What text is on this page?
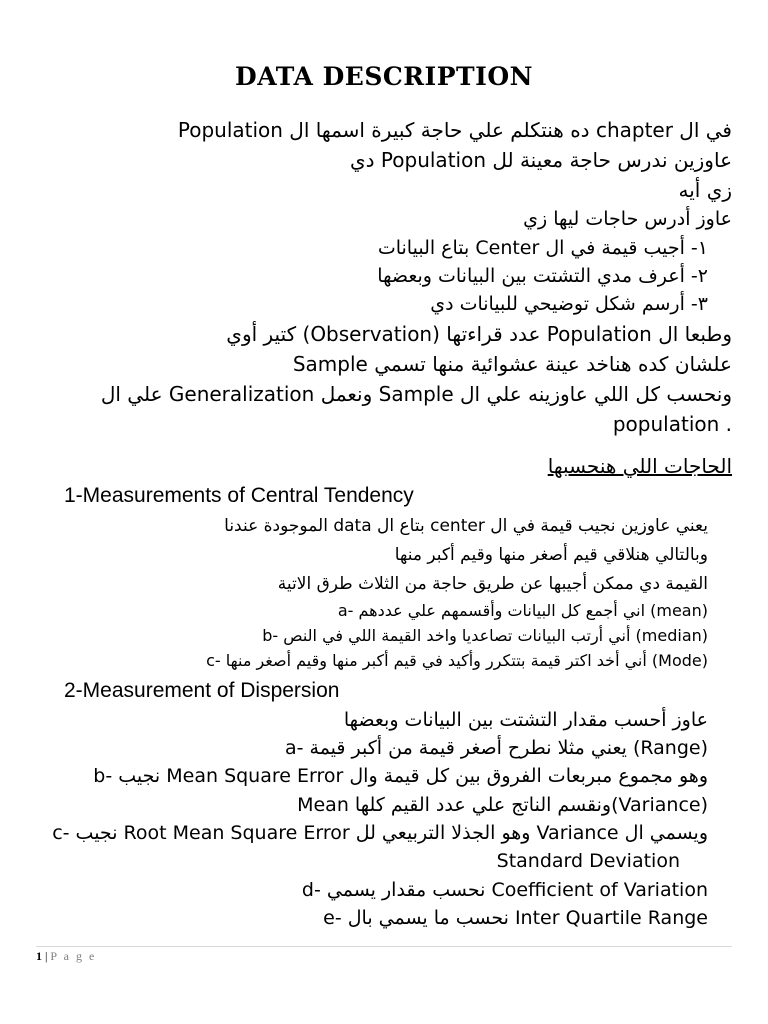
DATA DESCRIPTION
في ال chapter ده هنتكلم علي حاجة كبيرة اسمها ال Population
عاوزين ندرس حاجة معينة لل Population دي
زي أيه
عاوز أدرس حاجات ليها زي
١- أجيب قيمة في ال Center بتاع البيانات
٢- أعرف مدي التشتت بين البيانات وبعضها
٣- أرسم شكل توضيحي للبيانات دي
وطبعا ال Population عدد قراءتها (Observation) كتير أوي
علشان كده هناخد عينة عشوائية منها تسمي Sample
ونحسب كل اللي عاوزينه علي ال Sample ونعمل Generalization علي ال
population .
الحاجات اللي هنحسبها
1-Measurements of Central Tendency
يعني عاوزين نجيب قيمة في ال center بتاع ال data الموجودة عندنا
وبالتالي هنلاقي قيم أصغر منها وقيم أكبر منها
القيمة دي ممكن أجيبها عن طريق حاجة من الثلاث طرق الاتية
a- اني أجمع كل البيانات وأقسمهم علي عددهم (mean)
b- أني أرتب البيانات تصاعديا واخد القيمة اللي في النص (median)
c- أني أخد اكتر قيمة بتتكرر وأكيد في قيم أكبر منها وقيم أصغر منها (Mode)
2-Measurement of Dispersion
عاوز أحسب مقدار التشتت بين البيانات وبعضها
a- يعني مثلا نطرح أصغر قيمة من أكبر قيمة (Range)
b- نجيب Mean Square Error وهو مجموع مبربعات الفروق بين كل قيمة وال
Mean ونقسم الناتج علي عدد القيم كلها(Variance)
c- نجيب Root Mean Square Error وهو الجذلا التربيعي لل Variance ويسمي ال
Standard Deviation
d- نحسب مقدار يسمي Coefficient of Variation
e- نحسب ما يسمي بال Inter Quartile Range
1 | P a g e
